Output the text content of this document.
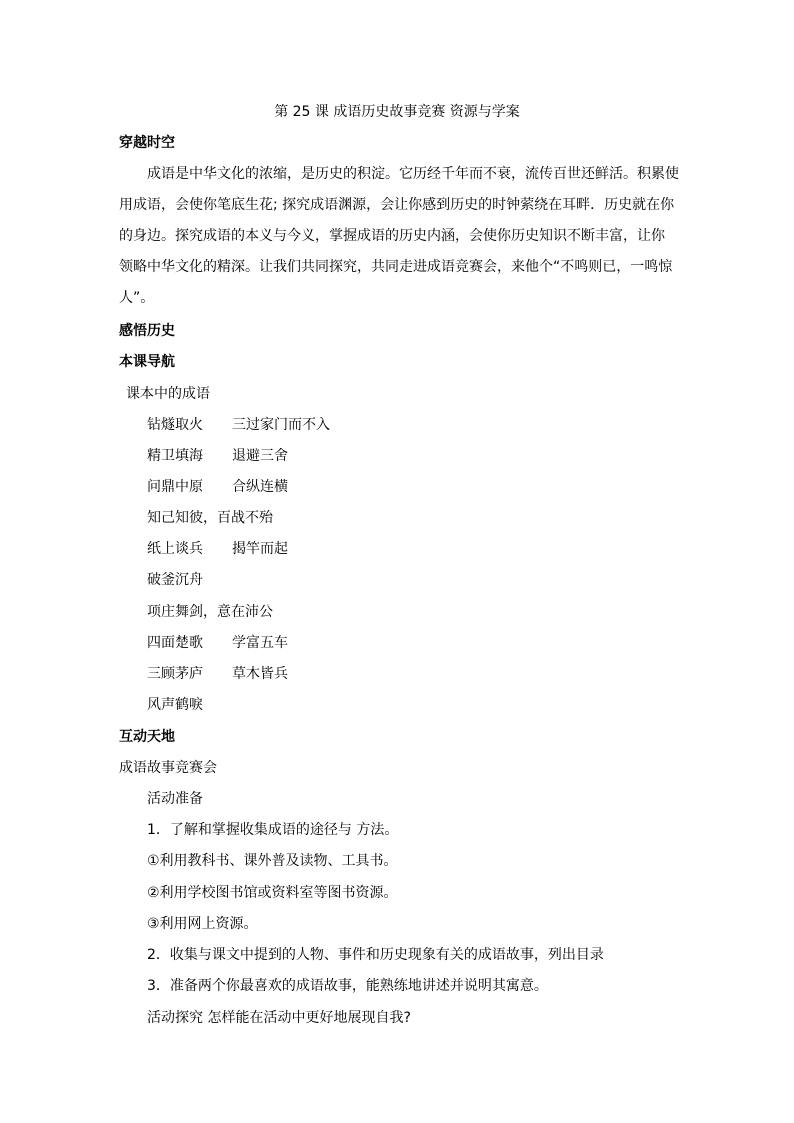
第 25 课 成语历史故事竞赛 资源与学案
穿越时空
成语是中华文化的浓缩，是历史的积淀。它历经千年而不衰，流传百世还鲜活。积累使
用成语，会使你笔底生花; 探究成语渊源，会让你感到历史的时钟萦绕在耳畔．历史就在你
的身边。探究成语的本义与今义，掌握成语的历史内涵，会使你历史知识不断丰富，让你
领略中华文化的精深。让我们共同探究，共同走进成语竞赛会，来他个“不鸣则已，一鸣惊
人”。
感悟历史
本课导航
课本中的成语
钻燧取火 三过家门而不入
精卫填海 退避三舍
问鼎中原 合纵连横
知己知彼，百战不殆
纸上谈兵 揭竿而起
破釜沉舟
项庄舞剑，意在沛公
四面楚歌 学富五车
三顾茅庐 草木皆兵
风声鹤唳
互动天地
成语故事竞赛会
活动准备
1．了解和掌握收集成语的途径与 方法。
①利用教科书、课外普及读物、工具书。
②利用学校图书馆或资料室等图书资源。
③利用网上资源。
2．收集与课文中提到的人物、事件和历史现象有关的成语故事，列出目录
3．准备两个你最喜欢的成语故事，能熟练地讲述并说明其寓意。
活动探究 怎样能在活动中更好地展现自我?
